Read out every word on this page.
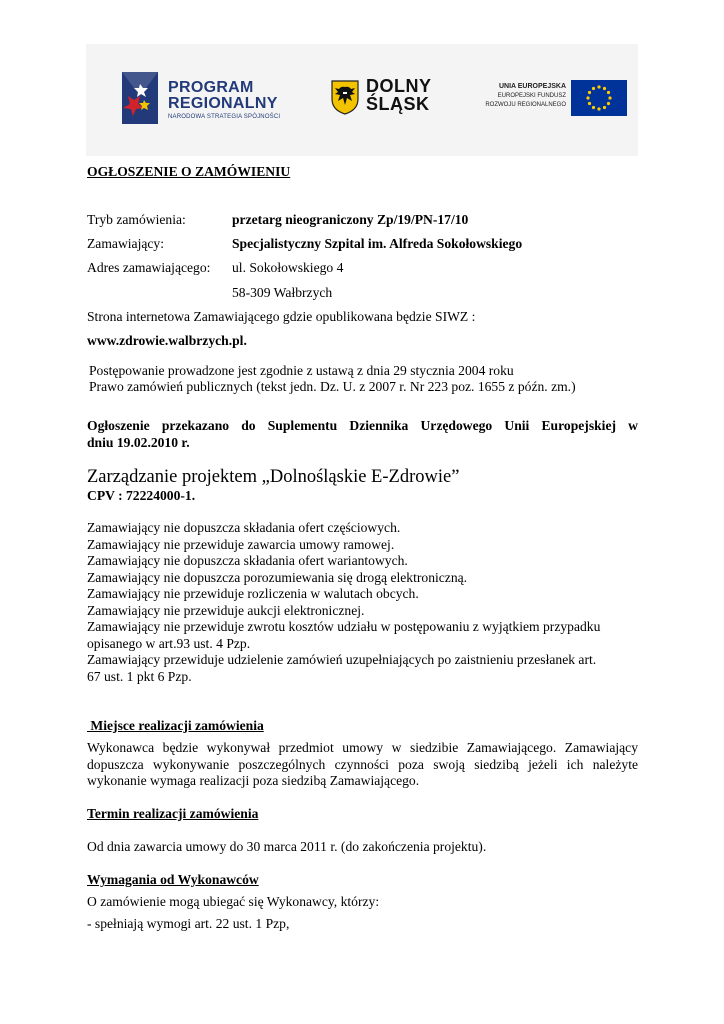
PROGRAM
REGIONALNY
NARODOWA STRATEGIA SPÓJNOŚCI
DOLNY
ŚLĄSK
UNIA EUROPEJSKA
EUROPEJSKI FUNDUSZ
ROZWOJU REGIONALNEGO
OGŁOSZENIE O ZAMÓWIENIU
Tryb zamówienia:	przetarg nieograniczony Zp/19/PN-17/10
Zamawiający:	Specjalistyczny Szpital im. Alfreda Sokołowskiego
Adres zamawiającego: ul. Sokołowskiego 4
58-309 Wałbrzych
Strona internetowa Zamawiającego gdzie opublikowana będzie SIWZ :
www.zdrowie.walbrzych.pl.
Postępowanie prowadzone jest zgodnie z ustawą z dnia 29 stycznia 2004 roku
Prawo zamówień publicznych (tekst jedn. Dz. U. z 2007 r. Nr 223 poz. 1655 z późn. zm.)
Ogłoszenie przekazano do Suplementu Dziennika Urzędowego Unii Europejskiej w
dniu 19.02.2010 r.
Zarządzanie projektem „Dolnośląskie E-Zdrowie”
CPV : 72224000-1.
Zamawiający nie dopuszcza składania ofert częściowych.
Zamawiający nie przewiduje zawarcia umowy ramowej.
Zamawiający nie dopuszcza składania ofert wariantowych.
Zamawiający nie dopuszcza porozumiewania się drogą elektroniczną.
Zamawiający nie przewiduje rozliczenia w walutach obcych.
Zamawiający nie przewiduje aukcji elektronicznej.
Zamawiający nie przewiduje zwrotu kosztów udziału w postępowaniu z wyjątkiem przypadku
opisanego w art.93 ust. 4 Pzp.
Zamawiający przewiduje udzielenie zamówień uzupełniających po zaistnieniu przesłanek art.
67 ust. 1 pkt 6 Pzp.
Miejsce realizacji zamówienia
Wykonawca będzie wykonywał przedmiot umowy w siedzibie Zamawiającego. Zamawiający
dopuszcza wykonywanie poszczególnych czynności poza swoją siedzibą jeżeli ich należyte
wykonanie wymaga realizacji poza siedzibą Zamawiającego.
Termin realizacji zamówienia
Od dnia zawarcia umowy do 30 marca 2011 r. (do zakończenia projektu).
Wymagania od Wykonawców
O zamówienie mogą ubiegać się Wykonawcy, którzy:
- spełniają wymogi art. 22 ust. 1 Pzp,
